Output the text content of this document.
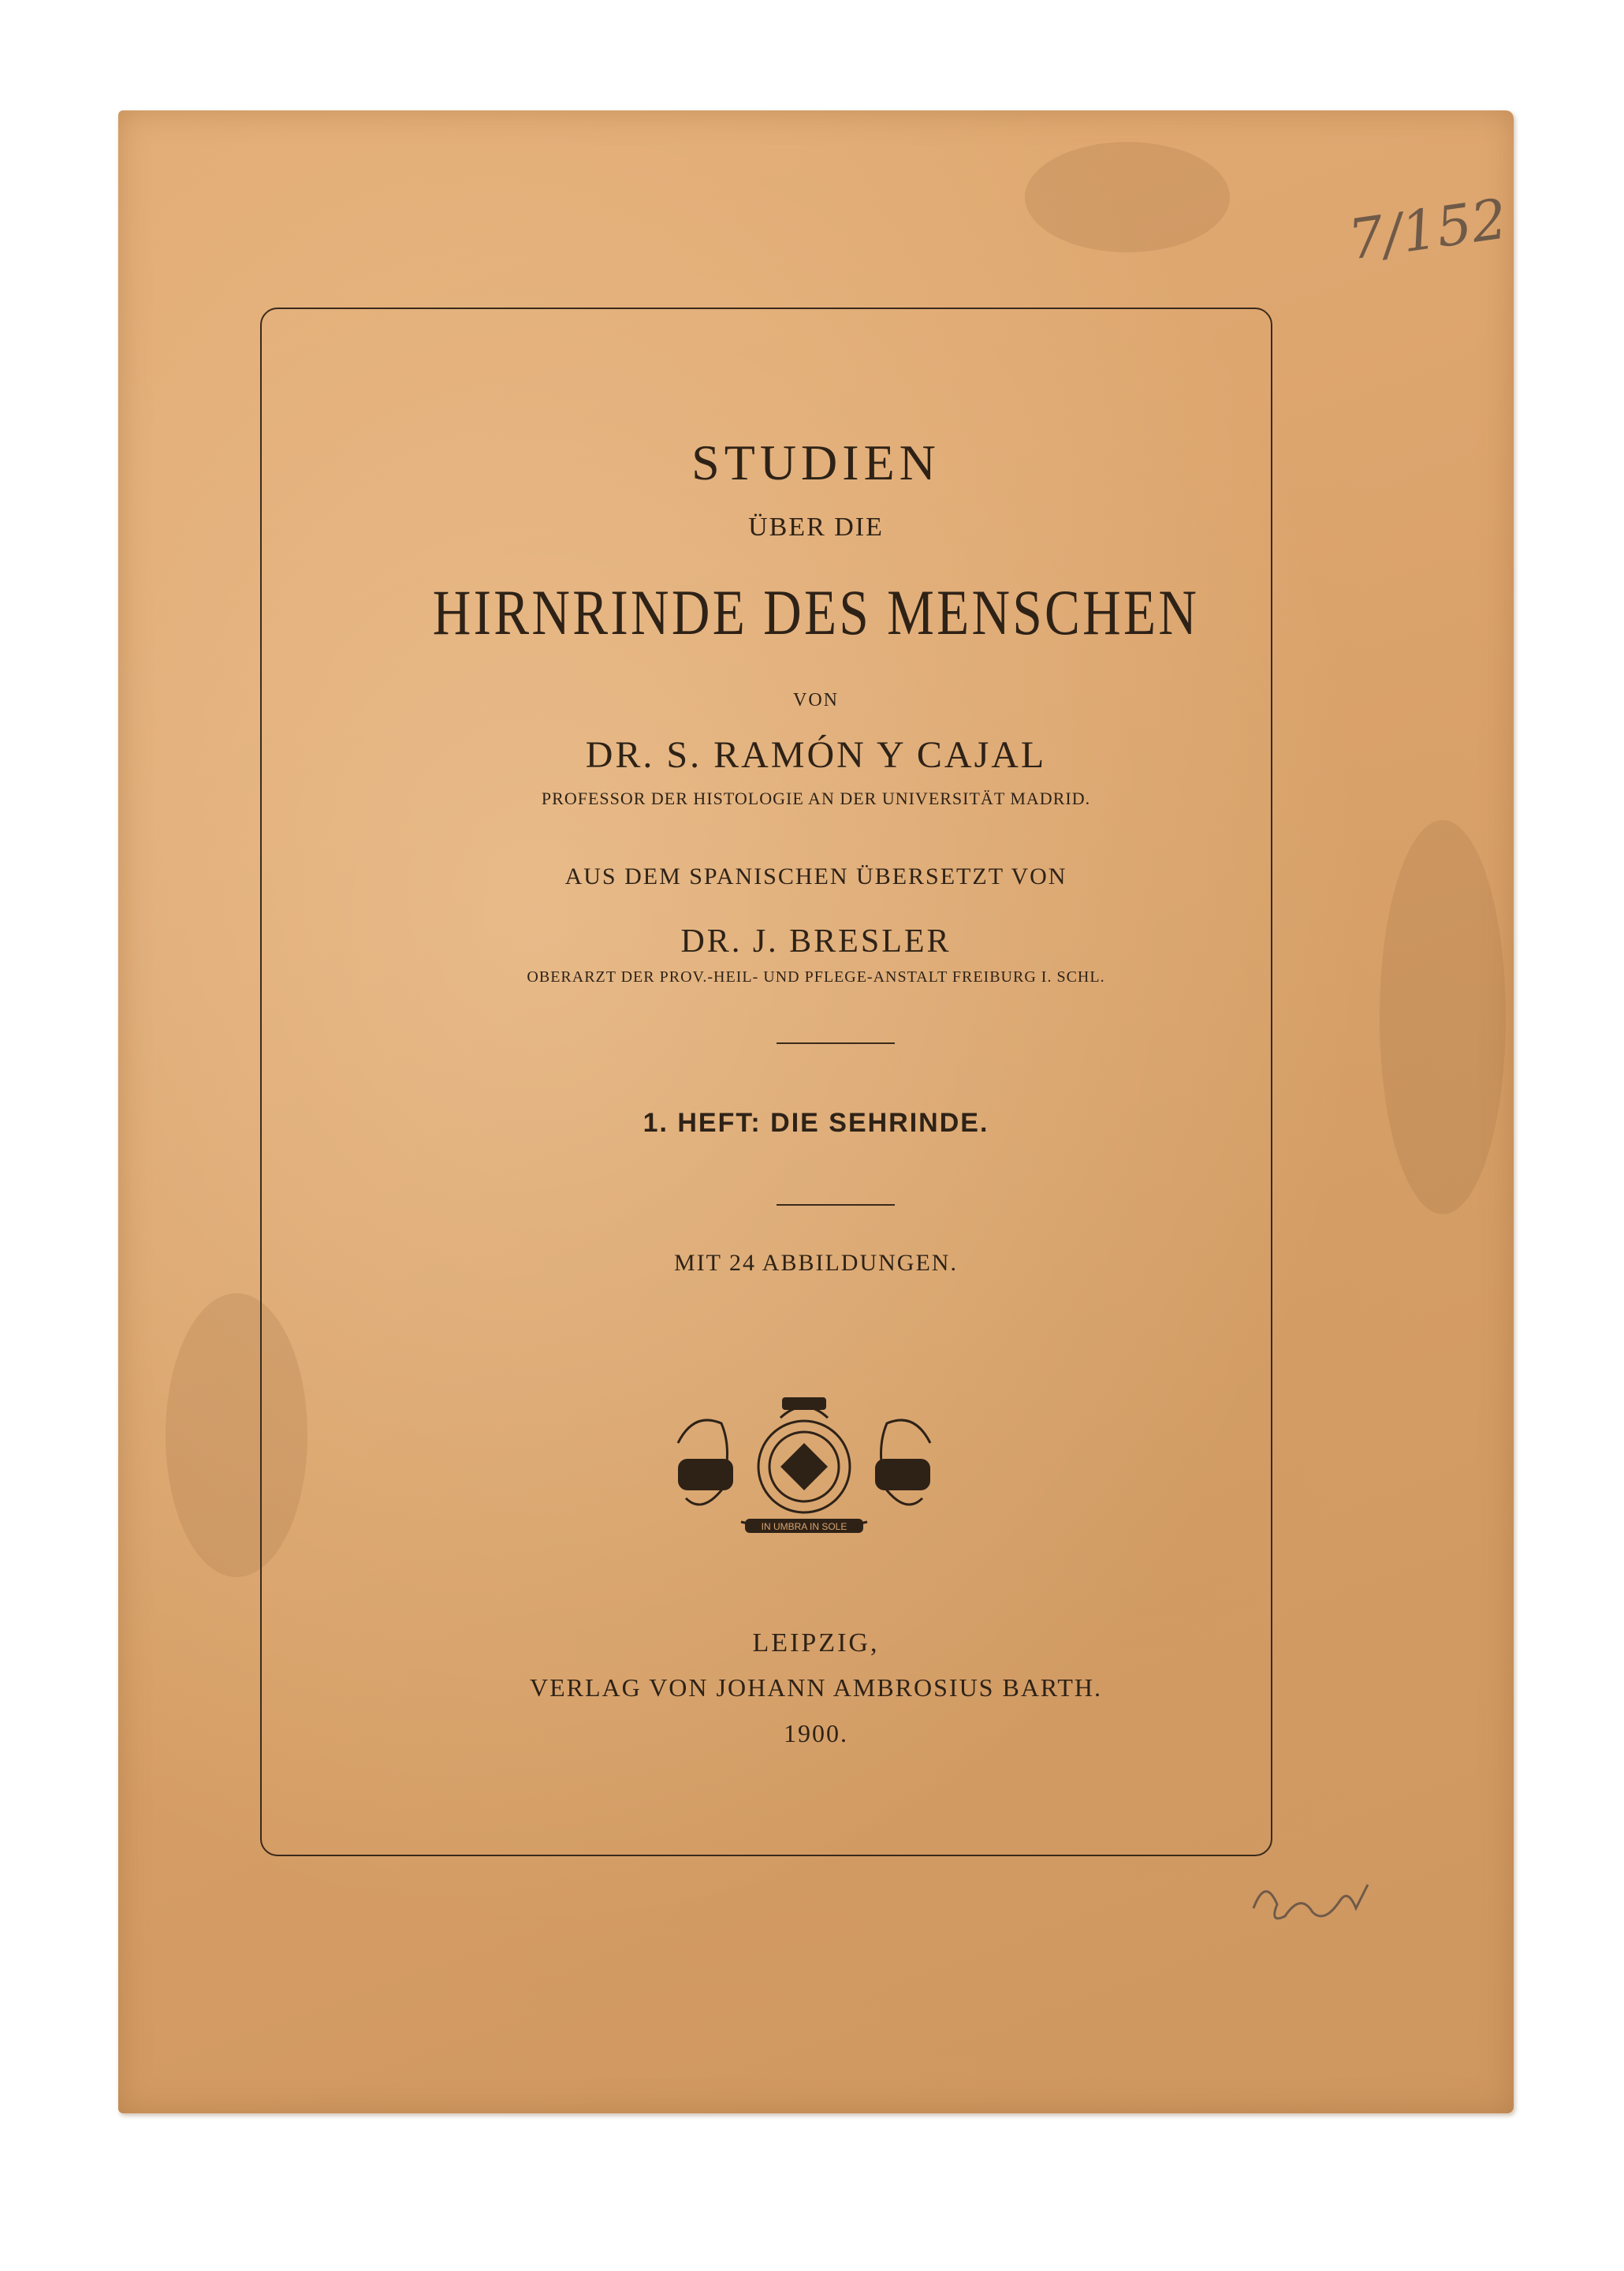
7/152
STUDIEN
ÜBER DIE
HIRNRINDE DES MENSCHEN
VON
DR. S. RAMÓN Y CAJAL
PROFESSOR DER HISTOLOGIE AN DER UNIVERSITÄT MADRID.
AUS DEM SPANISCHEN ÜBERSETZT VON
DR. J. BRESLER
OBERARZT DER PROV.-HEIL- UND PFLEGE-ANSTALT FREIBURG I. SCHL.
1. HEFT: DIE SEHRINDE.
MIT 24 ABBILDUNGEN.
IN UMBRA IN SOLE
LEIPZIG,
VERLAG VON JOHANN AMBROSIUS BARTH.
1900.
